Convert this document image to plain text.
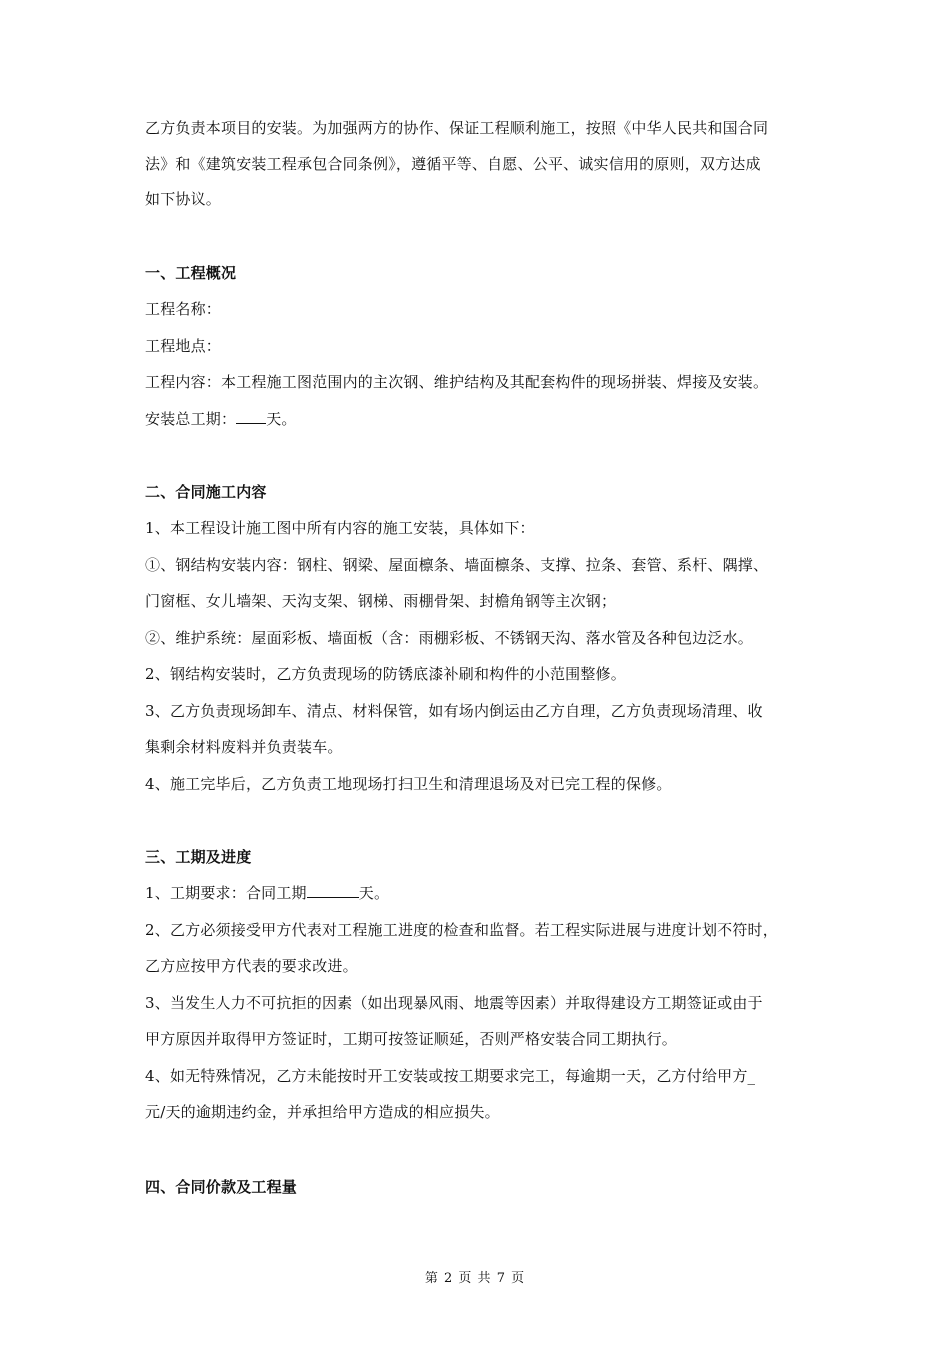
乙方负责本项目的安装。为加强两方的协作、保证工程顺利施工，按照《中华人民共和国合同
法》和《建筑安装工程承包合同条例》，遵循平等、自愿、公平、诚实信用的原则，双方达成
如下协议。
一、工程概况
工程名称：
工程地点：
工程内容：本工程施工图范围内的主次钢、维护结构及其配套构件的现场拼装、焊接及安装。
安装总工期： 天。
二、合同施工内容
1、本工程设计施工图中所有内容的施工安装，具体如下：
①、钢结构安装内容：钢柱、钢梁、屋面檩条、墙面檩条、支撑、拉条、套管、系杆、隅撑、
门窗框、女儿墙架、天沟支架、钢梯、雨棚骨架、封檐角钢等主次钢；
②、维护系统：屋面彩板、墙面板（含：雨棚彩板、不锈钢天沟、落水管及各种包边泛水。
2、钢结构安装时，乙方负责现场的防锈底漆补刷和构件的小范围整修。
3、乙方负责现场卸车、清点、材料保管，如有场内倒运由乙方自理，乙方负责现场清理、收
集剩余材料废料并负责装车。
4、施工完毕后，乙方负责工地现场打扫卫生和清理退场及对已完工程的保修。
三、工期及进度
1、工期要求：合同工期	天。
2、乙方必须接受甲方代表对工程施工进度的检查和监督。若工程实际进展与进度计划不符时，
乙方应按甲方代表的要求改进。
3、当发生人力不可抗拒的因素（如出现暴风雨、地震等因素）并取得建设方工期签证或由于
甲方原因并取得甲方签证时，工期可按签证顺延，否则严格安装合同工期执行。
4、如无特殊情况，乙方未能按时开工安装或按工期要求完工，每逾期一天，乙方付给甲方_
元/天的逾期违约金，并承担给甲方造成的相应损失。
四、合同价款及工程量
第 2 页 共 7 页
